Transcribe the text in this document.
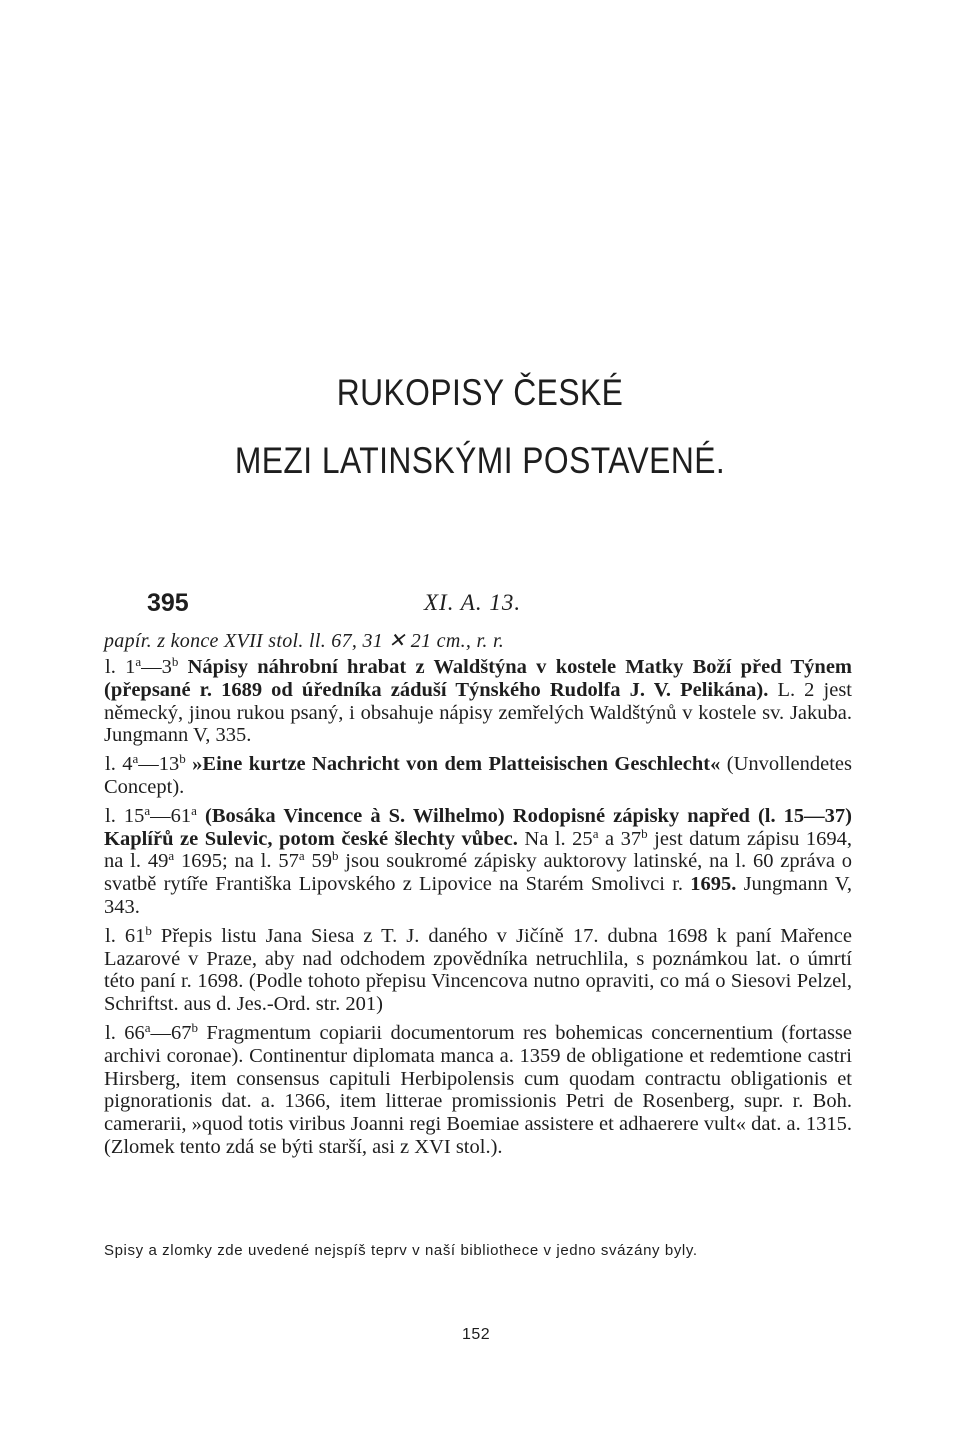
RUKOPISY ČESKÉ
MEZI LATINSKÝMI POSTAVENÉ.
395	XI. A. 13.
papír. z konce XVII stol. ll. 67, 31 ✕ 21 cm., r. r.

l. 1$^a$—3$^b$ Nápisy náhrobní hrabat z Waldštýna v kostele Matky Boží před Týnem (přepsané r. 1689 od úředníka záduší Týnského Rudolfa J. V. Pelikána). L. 2 jest německý, jinou rukou psaný, i obsahuje nápisy zemřelých Waldštýnů v kostele sv. Jakuba. Jungmann V, 335.

l. 4$^a$—13$^b$ »Eine kurtze Nachricht von dem Platteisischen Geschlecht« (Unvollendetes Concept).

l. 15$^a$—61$^a$ (Bosáka Vincence à S. Wilhelmo) Rodopisné zápisky napřed (l. 15—37) Kaplířů ze Sulevic, potom české šlechty vůbec. Na l. 25$^a$ a 37$^b$ jest datum zápisu 1694, na l. 49$^a$ 1695; na l. 57$^a$ 59$^b$ jsou soukromé zápisky auktorovy latinské, na l. 60 zpráva o svatbě rytíře Františka Lipovského z Lipovice na Starém Smolivci r. 1695. Jungmann V, 343.

l. 61$^b$ Přepis listu Jana Siesa z T. J. daného v Jičíně 17. dubna 1698 k paní Mařence Lazarové v Praze, aby nad odchodem zpovědníka netruchlila, s poznámkou lat. o úmrtí této paní r. 1698. (Podle tohoto přepisu Vincencova nutno opraviti, co má o Siesovi Pelzel, Schriftst. aus d. Jes.-Ord. str. 201)

l. 66$^a$—67$^b$ Fragmentum copiarii documentorum res bohemicas concernentium (fortasse archivi coronae). Continentur diplomata manca a. 1359 de obligatione et redemtione castri Hirsberg, item consensus capituli Herbipolensis cum quodam contractu obligationis et pignorationis dat. a. 1366, item litterae promissionis Petri de Rosenberg, supr. r. Boh. camerarii, »quod totis viribus Joanni regi Boemiae assistere et adhaerere vult« dat. a. 1315. (Zlomek tento zdá se býti starší, asi z XVI stol.).

Spisy a zlomky zde uvedené nejspíš teprv v naší bibliothece v jedno svázány byly.
152
